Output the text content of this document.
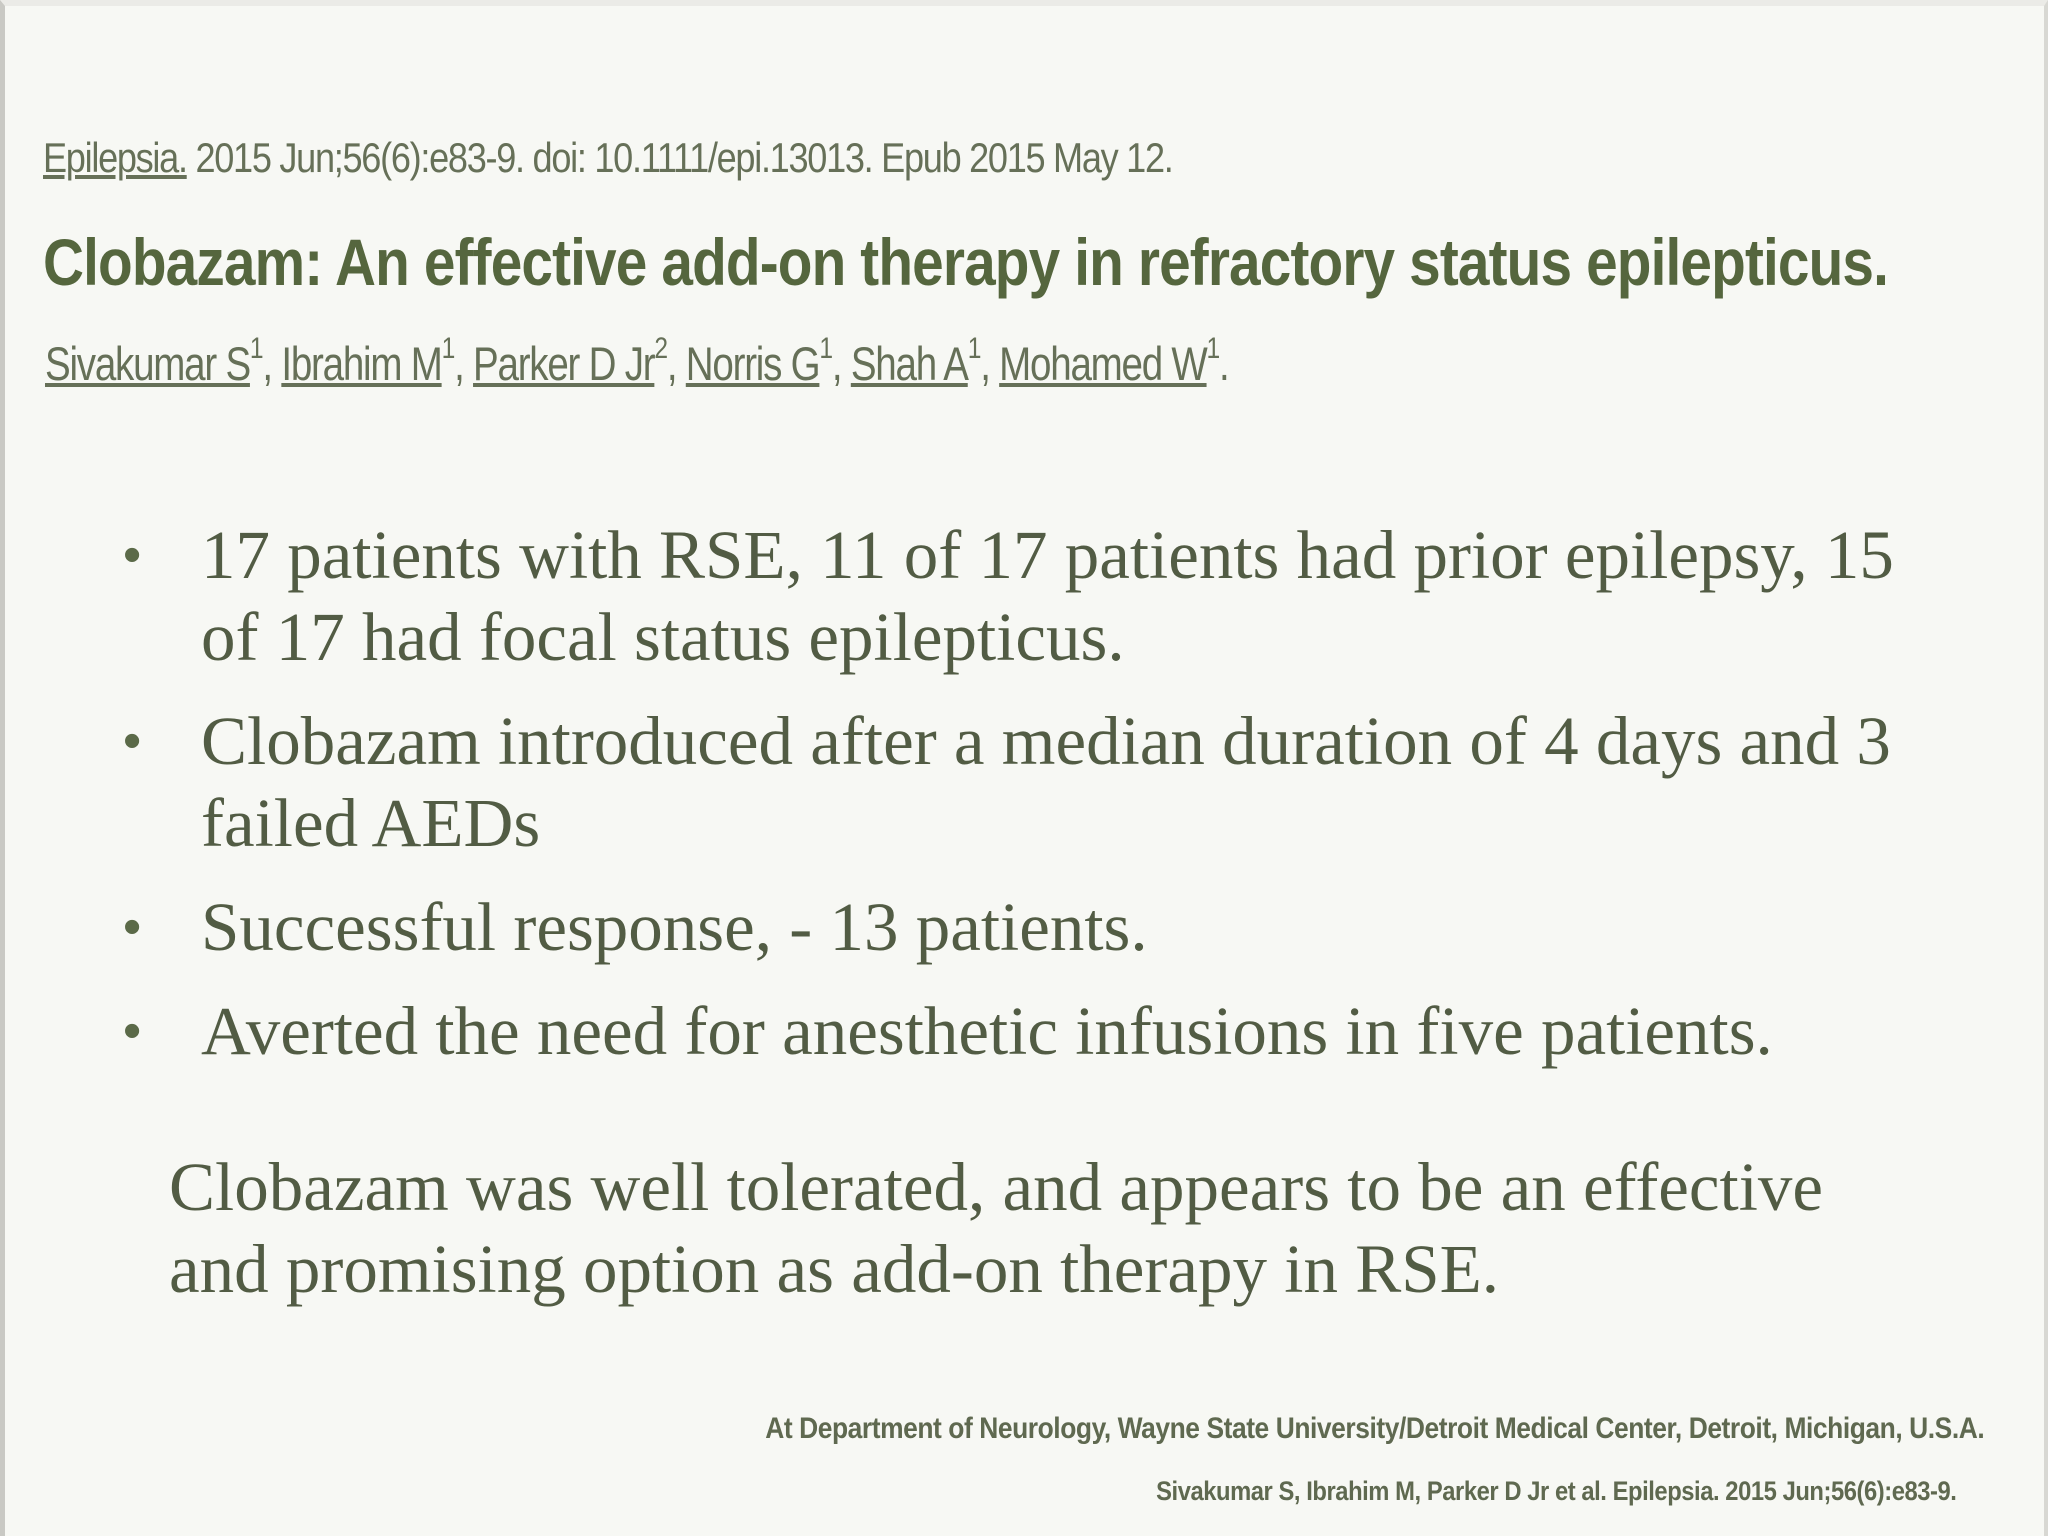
Epilepsia. 2015 Jun;56(6):e83-9. doi: 10.1111/epi.13013. Epub 2015 May 12.
Clobazam: An effective add-on therapy in refractory status epilepticus.
Sivakumar $S^1$, Ibrahim $M^1$, Parker D Jr$^2$, Norris $G^1$, Shah $A^1$, Mohamed $W^1$.
• 17 patients with RSE, 11 of 17 patients had prior epilepsy, 15 of 17 had focal status epilepticus.
• Clobazam introduced after a median duration of 4 days and 3 failed AEDs
• Successful response, - 13 patients.
• Averted the need for anesthetic infusions in five patients.
Clobazam was well tolerated, and appears to be an effective and promising option as add-on therapy in RSE.
At Department of Neurology, Wayne State University/Detroit Medical Center, Detroit, Michigan, U.S.A.
Sivakumar S, Ibrahim M, Parker D Jr et al. Epilepsia. 2015 Jun;56(6):e83-9.
